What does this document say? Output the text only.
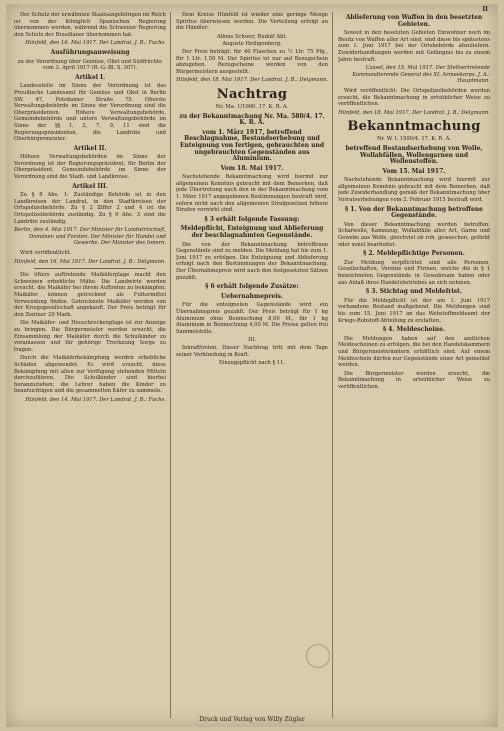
II
Der Schutz der erwähnten Staatsangehörigen im Reich ist von der Königlich Spanischen Regierung übernommen worden, während die Schweizer Regierung den Schutz der Brasilianer übernommen hat.
Hünfeld, den 16. Mai 1917. Der Landrat. J. B.: Fuchs.
Ausführungsanweisung
zu der Verordnung über Gemüse, Obst und Südfrüchte vom 3. April 1917 (R.-G.-Bl. S. 307).
Artikel I.
Landesstelle im Sinne der Verordnung ist das Preußische Landesamt für Gemüse und Obst in Berlin SW. 47, Potsdamer Straße 75. Oberste Verwaltungsbehörde im Sinne der Verordnung sind die Oberpräsidenten. Höhere Verwaltungsbehörde, Gemeindebehörde und untere Verwaltungsbehörde im Sinne der §§ 1, 2, 7, 9, 11 sind die Regierungspräsidenten, die Landräte und Oberbürgermeister.
Artikel II.
Höhere Verwaltungsbehörden im Sinne der Verordnung ist der Regierungspräsident, für Berlin der Oberpräsident. Gemeindebehörde im Sinne der Verordnung sind die Stadt- und Landkreise.
Artikel III.
Zu § 8 Abs. 1: Zuständige Behörde ist in den Landkreisen der Landrat, in den Stadtkreisen der Ortspolizeibehörde. Zu § 2 Ziffer 2 und 4 ist die Ortspolizeibehörde zuständig. Zu § 9 Abs. 3 sind die Landräte zuständig.
Berlin, den 4. Mai 1917. Der Minister für Landwirtschaft, Domänen und Forsten. Der Minister für Handel und Gewerbe. Der Minister des Innern.
Wird veröffentlicht.
Hünfeld, den 16. Mai 1917. Der Landrat. J. B.: Delgmann.
Die öfters auftretende Maikäferplage macht den Schweinen erhebliche Mühe. Die Landwirte werden ersucht, die Maikäfer bei ihrem Auftreten zu bekämpfen; Maikäfer können getrocknet als Futtermittel Verwendung finden. Getrocknete Maikäfer werden von der Kriegsgesellschaft angekauft. Der Preis beträgt für den Zentner 20 Mark.
Die Maikäfer- und Heuschreckenplage ist zur Anzeige zu bringen. Die Bürgermeister werden ersucht, die Einsammlung der Maikäfer durch die Schulkinder zu veranlassen und für gehörige Trocknung Sorge zu tragen.
Durch die Maikäferbekämpfung werden erhebliche Schäden abgewendet. Es wird ersucht, diese Bekämpfung mit allen zur Verfügung stehenden Mitteln durchzuführen. Die Schulkinder sind hierbei heranzuziehen; die Lehrer haben die Kinder zu beaufsichtigen und die gesammelten Käfer zu sammeln.
Hünfeld, den 14. Mai 1917. Der Landrat. J. B.: Fuchs.
Dem Kreise Hünfeld ist wieder eine geringe Menge Spiritus überwiesen worden. Die Verteilung erfolgt an die Händler:
Alfons Schwer, Rudolf Abt.
Auguste Heiligenberg.
Der Preis beträgt: für 40 Flaschen zu ½ Ltr. 75 Pfg., für 1 Ltr. 1,50 M. Der Spiritus ist nur auf Bezugschein abzugeben. Bezugscheine werden von den Bürgermeistern ausgestellt.
Hünfeld, den 18. Mai 1917. Der Landrat. J. B.: Delgmann.
Nachtrag
Nr. Ma. 1/1000. 17. K. R. A.
zu der Bekanntmachung Nr. Ma. 580/4. 17. K. R. A.
vom 1. März 1917, betreffend Beschlagnahme, Bestandserhebung und Enteignung von fertigen, gebrauchten und ungebrauchten Gegenständen aus Aluminium.
Vom 18. Mai 1917.
Nachstehende Bekanntmachung wird hiermit zur allgemeinen Kenntnis gebracht mit dem Bemerken, daß jede Übertretung nach den in der Bekanntmachung vom 1. März 1917 angegebenen Bestimmungen bestraft wird, sofern nicht nach den allgemeinen Strafgesetzen höhere Strafen verwirkt sind.
§ 3 erhält folgende Fassung:
Meldepflicht, Enteignung und Ablieferung der beschlagnahmten Gegenstände.
Die von der Bekanntmachung betroffenen Gegenstände sind zu melden. Die Meldung hat bis zum 1. Juni 1917 zu erfolgen. Die Enteignung und Ablieferung erfolgt nach den Bestimmungen der Bekanntmachung. Der Übernahmepreis wird nach den festgesetzten Sätzen gezahlt.
§ 6 erhält folgende Zusätze:
Uebernahmepreis.
Für die enteigneten Gegenstände wird ein Übernahmepreis gezahlt. Der Preis beträgt für 1 kg Aluminium ohne Beimischung 8,00 M., für 1 kg Aluminium in Beimischung 4,00 M. Die Preise gelten frei Sammelstelle.
III.
Inkrafttreten. Dieser Nachtrag tritt mit dem Tage seiner Verkündung in Kraft.
Einzugspflicht nach § 11.
Ablieferung von Waffen in den besetzten Gebieten.
Soweit in den besetzten Gebieten Einwohner noch im Besitz von Waffen aller Art sind, sind diese bis spätestens zum 1. Juni 1917 bei der Ortsbehörde abzuliefern. Zuwiderhandlungen werden mit Gefängnis bis zu einem Jahre bestraft.
Cassel, den 15. Mai 1917. Der Stellvertretende Kommandierende General des XI. Armeekorps. J. A.: Hauptmann.
Wird veröffentlicht. Die Ortspolizeibehörden werden ersucht, die Bekanntmachung in ortsüblicher Weise zu veröffentlichen.
Hünfeld, den 18. Mai 1917. Der Landrat. J. B.: Delgmann.
Bekanntmachung
Nr. W. I. 1500/4. 17. K. R. A.
betreffend Bestandserhebung von Wolle, Wollabfällen, Wollengarnen und Wollenstoffen.
Vom 15. Mai 1917.
Nachstehende Bekanntmachung wird hiermit zur allgemeinen Kenntnis gebracht mit dem Bemerken, daß jede Zuwiderhandlung gemäß der Bekanntmachung über Vorratserhebungen vom 2. Februar 1915 bestraft wird.
§ 1. Von der Bekanntmachung betroffene Gegenstände.
Von dieser Bekanntmachung werden betroffen: Schafwolle, Kammzug, Wollabfälle aller Art, Garne und Gewebe aus Wolle, gleichviel ob roh, gewaschen, gefärbt oder sonst bearbeitet.
§ 2. Meldepflichtige Personen.
Zur Meldung verpflichtet sind alle Personen, Gesellschaften, Vereine und Firmen, welche die in § 1 bezeichneten Gegenstände in Gewahrsam haben oder aus Anlaß ihres Handelsbetriebes an sich nehmen.
§ 3. Stichtag und Meldefrist.
Für die Meldepflicht ist der am 1. Juni 1917 vorhandene Bestand maßgebend. Die Meldungen sind bis zum 15. Juni 1917 an das Webstoffmeldeamt der Kriegs-Rohstoff-Abteilung zu erstatten.
§ 4. Meldescheine.
Die Meldungen haben auf den amtlichen Meldescheinen zu erfolgen, die bei den Handelskammern und Bürgermeisterämtern erhältlich sind. Auf einem Meldeschein dürfen nur Gegenstände einer Art gemeldet werden.
Die Bürgermeister werden ersucht, die Bekanntmachung in ortsüblicher Weise zu veröffentlichen.
Druck und Verlag von Willy Zügler
